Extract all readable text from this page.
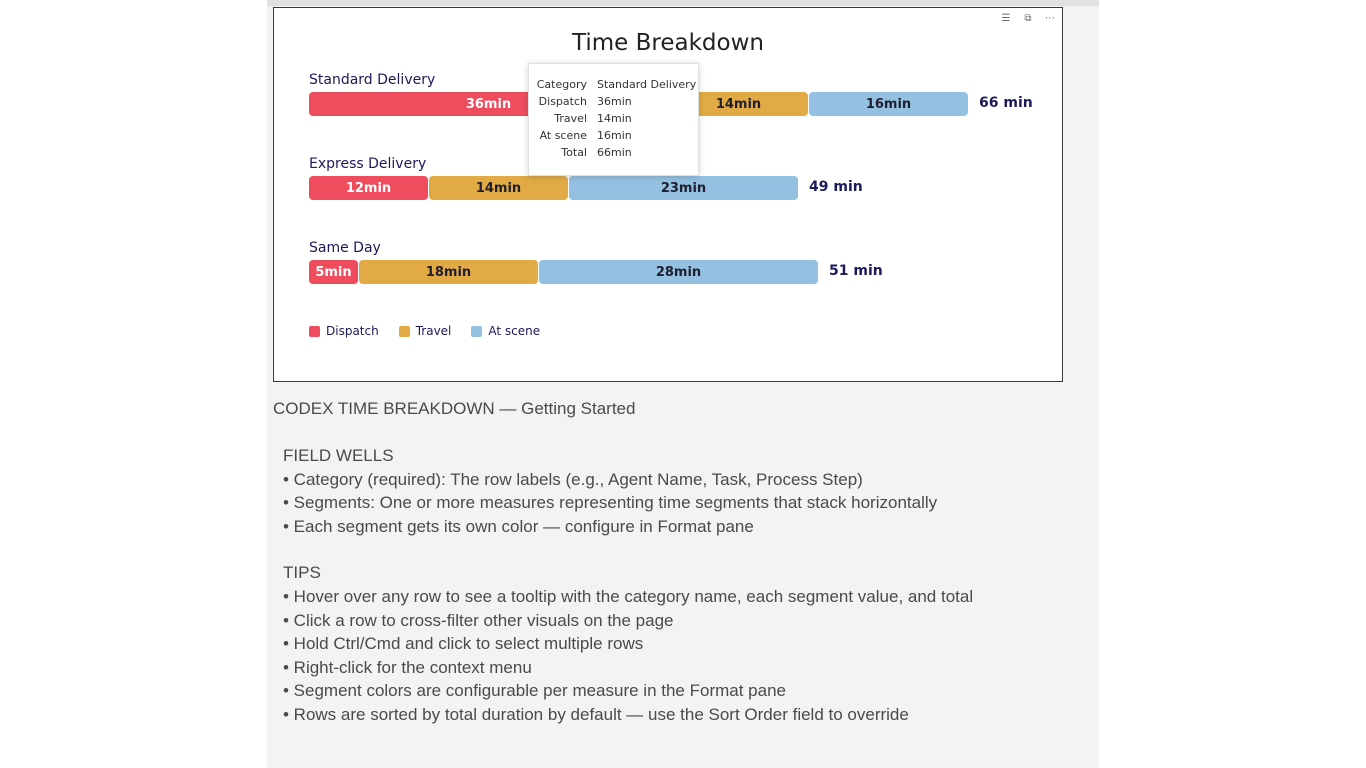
☰ ⧉ ⋯
Time Breakdown
Standard Delivery
36min	14min	16min	66 min
Express Delivery
12min	14min	23min	49 min
Same Day
5min	18min	28min	51 min
Dispatch	Travel	At scene
Category Standard Delivery
Dispatch 36min
Travel 14min
At scene 16min
Total 66min
CODEX TIME BREAKDOWN — Getting Started
FIELD WELLS
• Category (required): The row labels (e.g., Agent Name, Task, Process Step)
• Segments: One or more measures representing time segments that stack horizontally
• Each segment gets its own color — configure in Format pane
TIPS
• Hover over any row to see a tooltip with the category name, each segment value, and total
• Click a row to cross-filter other visuals on the page
• Hold Ctrl/Cmd and click to select multiple rows
• Right-click for the context menu
• Segment colors are configurable per measure in the Format pane
• Rows are sorted by total duration by default — use the Sort Order field to override
